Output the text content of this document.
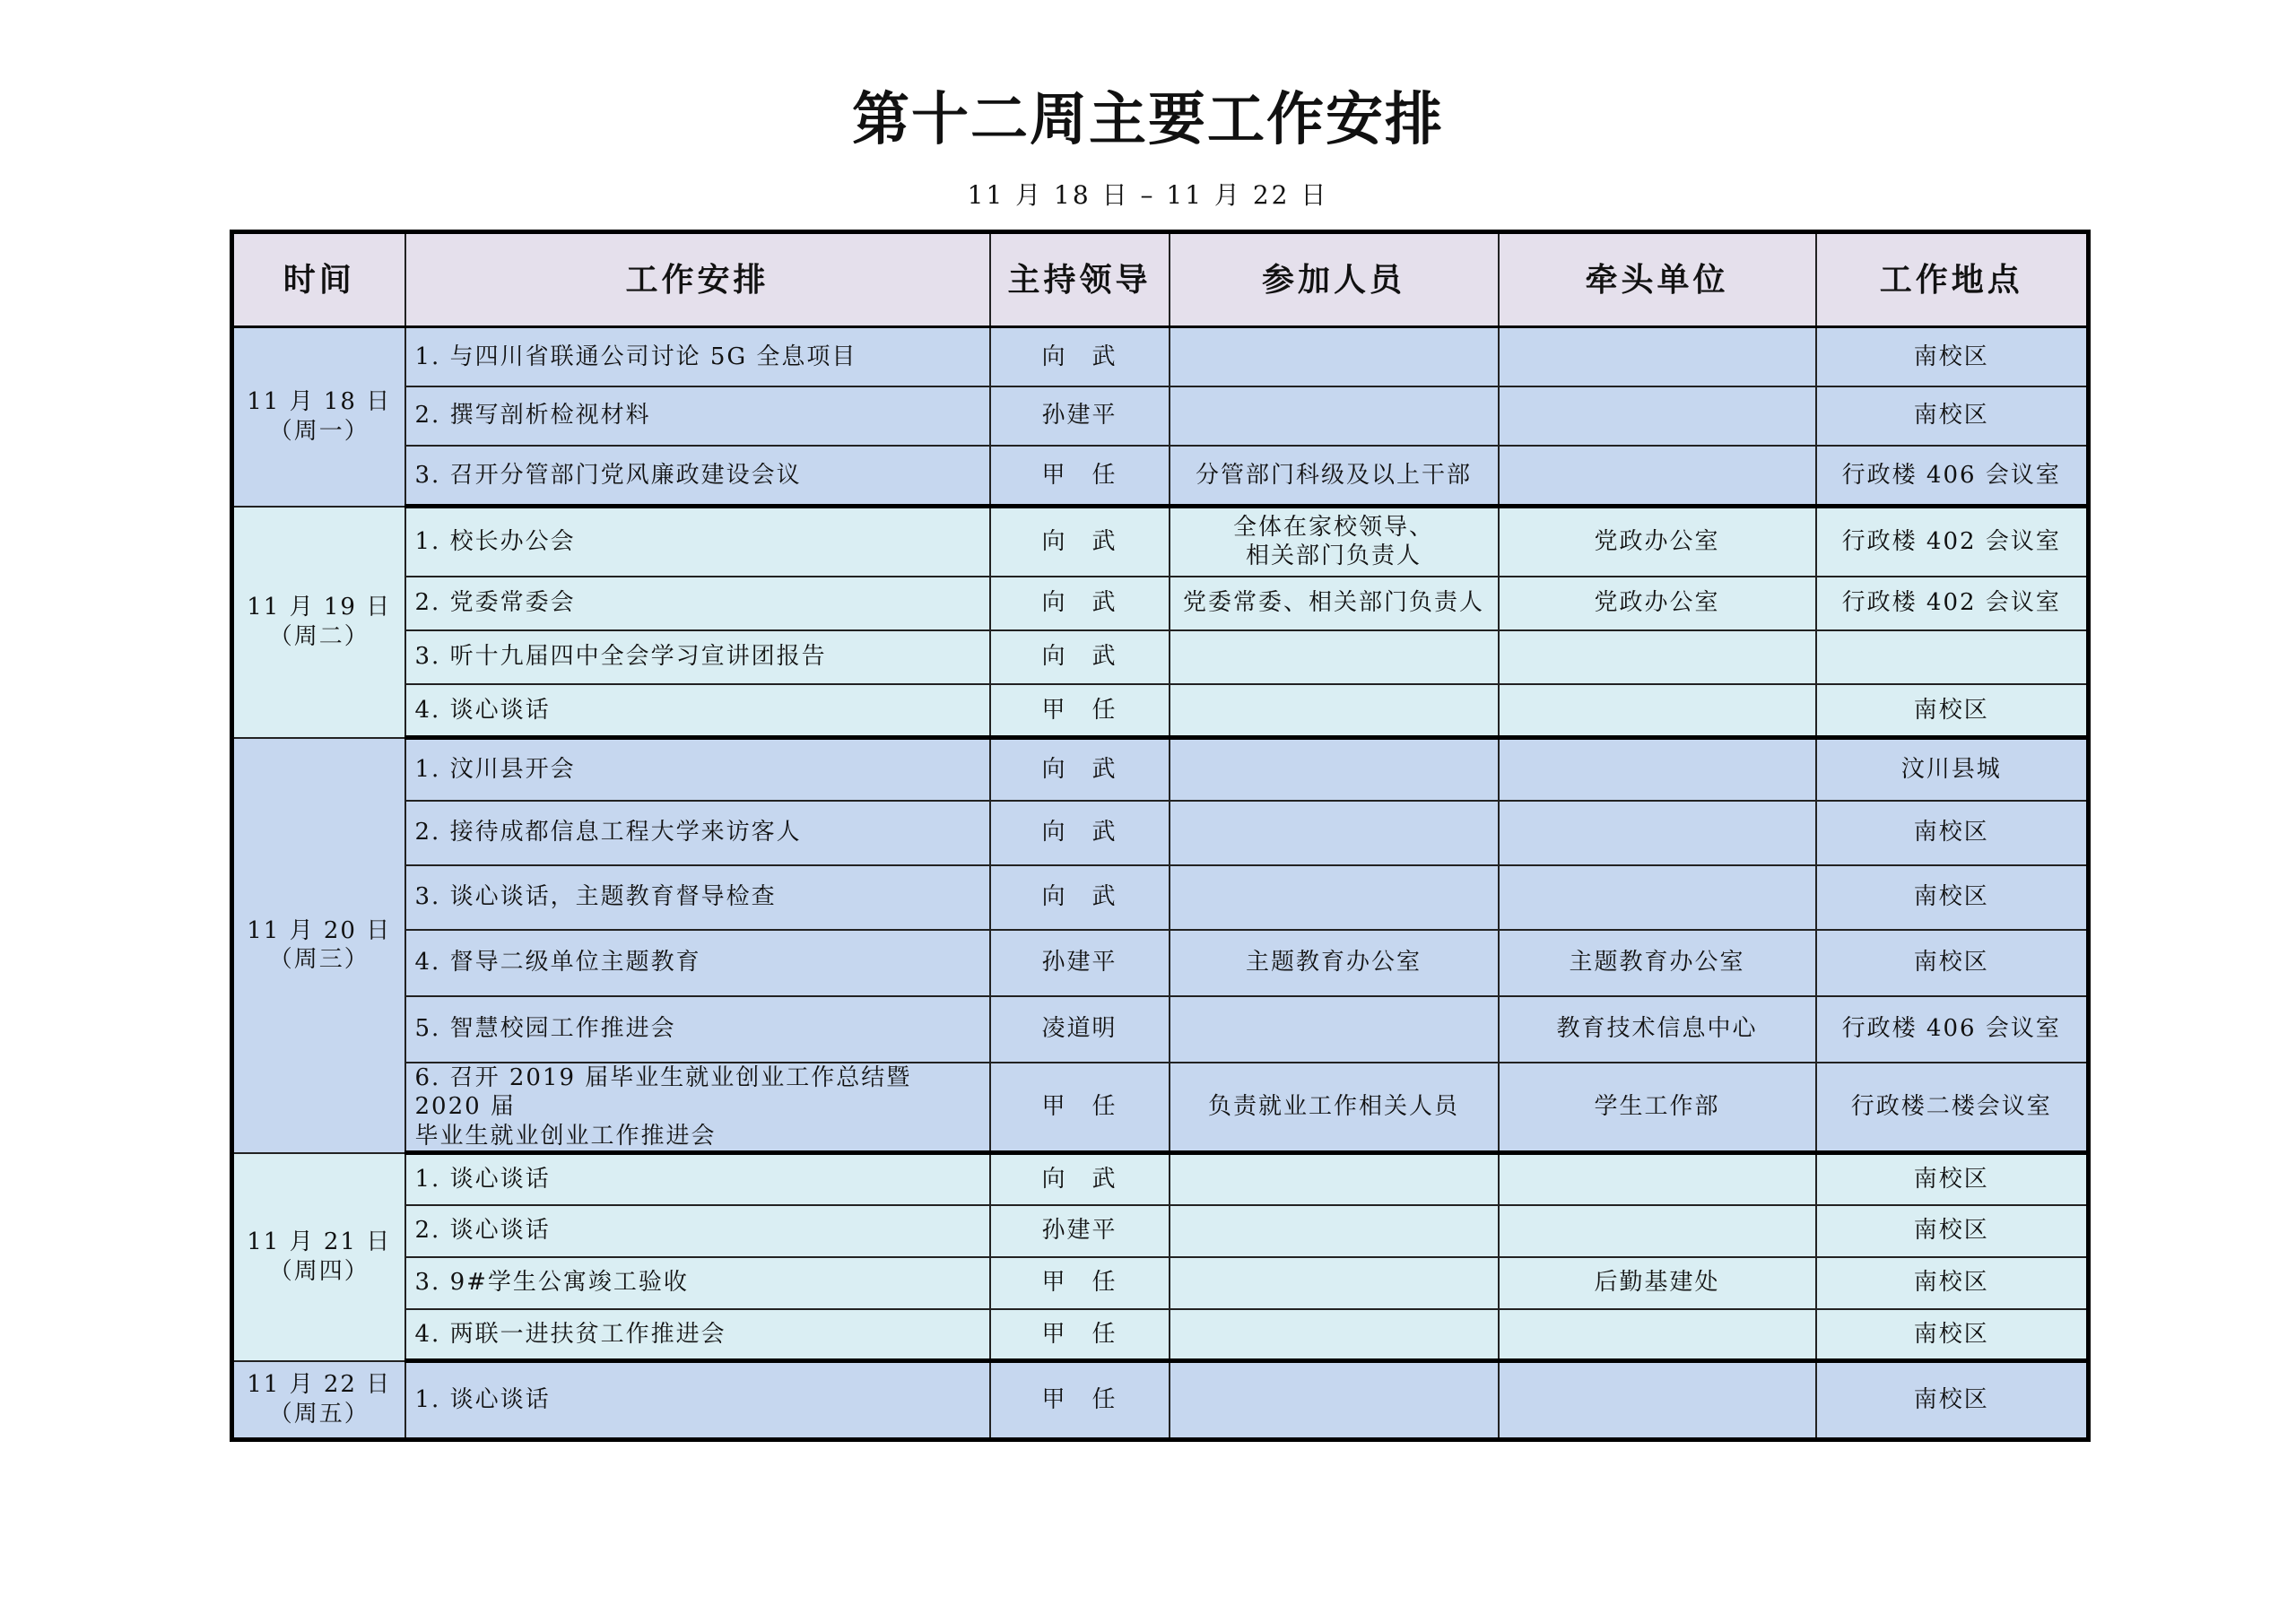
第十二周主要工作安排
11 月 18 日 – 11 月 22 日
时间	工作安排	主持领导	参加人员	牵头单位	工作地点

11 月 18 日
（周一）	1. 与四川省联通公司讨论 5G 全息项目	向　武			南校区
	2. 撰写剖析检视材料	孙建平			南校区
	3. 召开分管部门党风廉政建设会议	甲　任	分管部门科级及以上干部		行政楼 406 会议室

11 月 19 日
（周二）	1. 校长办公会	向　武	全体在家校领导、
相关部门负责人	党政办公室	行政楼 402 会议室
	2. 党委常委会	向　武	党委常委、相关部门负责人	党政办公室	行政楼 402 会议室
	3. 听十九届四中全会学习宣讲团报告	向　武			
	4. 谈心谈话	甲　任			南校区

11 月 20 日
（周三）	1. 汶川县开会	向　武			汶川县城
	2. 接待成都信息工程大学来访客人	向　武			南校区
	3. 谈心谈话，主题教育督导检查	向　武			南校区
	4. 督导二级单位主题教育	孙建平	主题教育办公室	主题教育办公室	南校区
	5. 智慧校园工作推进会	凌道明		教育技术信息中心	行政楼 406 会议室
	6. 召开 2019 届毕业生就业创业工作总结暨 2020 届
毕业生就业创业工作推进会	甲　任	负责就业工作相关人员	学生工作部	行政楼二楼会议室

11 月 21 日
（周四）	1. 谈心谈话	向　武			南校区
	2. 谈心谈话	孙建平			南校区
	3. 9#学生公寓竣工验收	甲　任		后勤基建处	南校区
	4. 两联一进扶贫工作推进会	甲　任			南校区

11 月 22 日
（周五）	1. 谈心谈话	甲　任			南校区
